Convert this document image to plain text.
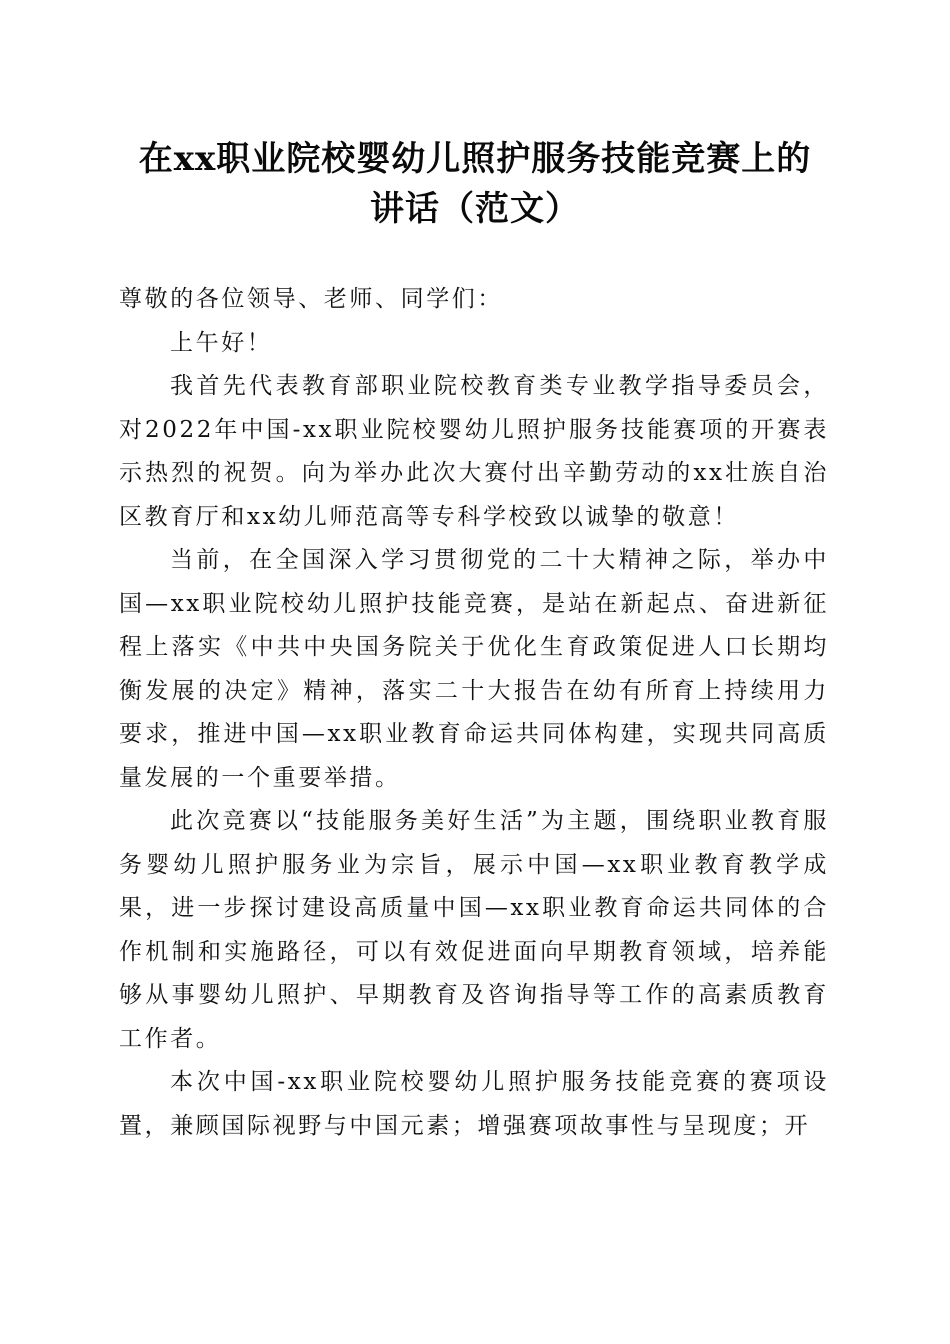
在xx职业院校婴幼儿照护服务技能竞赛上的
讲话（范文）

尊敬的各位领导、老师、同学们：

上午好！

我首先代表教育部职业院校教育类专业教学指导委员会，对2022年中国-xx职业院校婴幼儿照护服务技能赛项的开赛表示热烈的祝贺。向为举办此次大赛付出辛勤劳动的xx壮族自治区教育厅和xx幼儿师范高等专科学校致以诚挚的敬意！

当前，在全国深入学习贯彻党的二十大精神之际，举办中国—xx职业院校幼儿照护技能竞赛，是站在新起点、奋进新征程上落实《中共中央国务院关于优化生育政策促进人口长期均衡发展的决定》精神，落实二十大报告在幼有所育上持续用力要求，推进中国—xx职业教育命运共同体构建，实现共同高质量发展的一个重要举措。

此次竞赛以“技能服务美好生活”为主题，围绕职业教育服务婴幼儿照护服务业为宗旨，展示中国—xx职业教育教学成果，进一步探讨建设高质量中国—xx职业教育命运共同体的合作机制和实施路径，可以有效促进面向早期教育领域，培养能够从事婴幼儿照护、早期教育及咨询指导等工作的高素质教育工作者。

本次中国-xx职业院校婴幼儿照护服务技能竞赛的赛项设置，兼顾国际视野与中国元素；增强赛项故事性与呈现度；开
